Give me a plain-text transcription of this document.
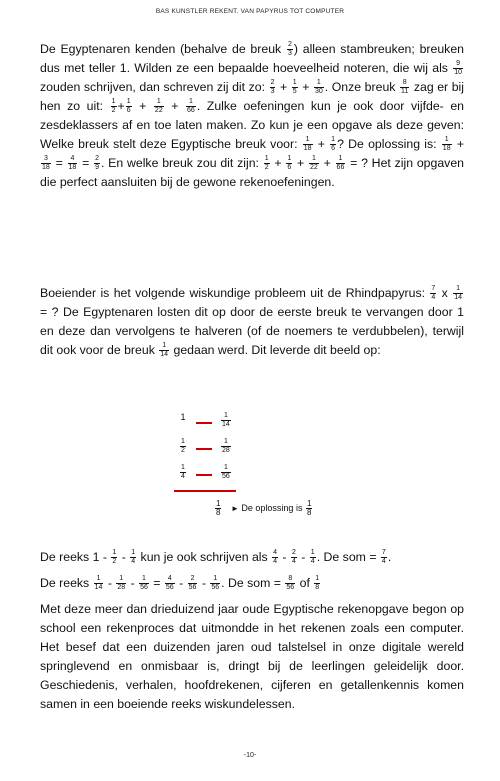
BAS KUNSTLER REKENT. VAN PAPYRUS TOT COMPUTER

De Egyptenaren kenden (behalve de breuk $\frac{2}{3}$ ) alleen stambreuken; breuken dus met teller 1. Wilden ze een bepaalde hoeveelheid noteren, die wij als $\frac{9}{10}$
zouden schrijven, dan schreven zij dit zo: $\frac{2}{3} + \frac{1}{5} + \frac{1}{30}$ . Onze breuk $\frac{8}{11}$ zag er bij hen zo uit: $\frac{1}{2} + \frac{1}{6} + \frac{1}{22} + \frac{1}{66}$ . Zulke oefeningen kun je ook door vijfde- en zesdeklassers af en toe laten maken. Zo kun je een opgave als deze geven: Welke breuk stelt deze Egyptische breuk voor: $\frac{1}{18} + \frac{1}{6}$ ? De oplossing is: $\frac{1}{18}$ +
$\frac{3}{18} = \frac{4}{18} = \frac{2}{9}$ . En welke breuk zou dit zijn: $\frac{1}{2} + \frac{1}{6} + \frac{1}{22} + \frac{1}{66}$ = ? Het zijn opgaven die perfect aansluiten bij de gewone rekenoefeningen.

Boeiender is het volgende wiskundige probleem uit de Rhindpapyrus: $\frac{7}{4}$ x $\frac{1}{14}$
= ? De Egyptenaren losten dit op door de eerste breuk te vervangen door 1 en deze dan vervolgens te halveren (of de noemers te verdubbelen), terwijl dit ook voor de breuk $\frac{1}{14}$ gedaan werd. Dit leverde dit beeld op:

1	$\frac{1}{14}$
$\frac{1}{2}$	$\frac{1}{28}$
$\frac{1}{4}$	$\frac{1}{56}$
$\frac{1}{8}$ ► De oplossing is $\frac{1}{8}$

De reeks $1 - \frac{1}{2} - \frac{1}{4}$ kun je ook schrijven als $\frac{4}{4} - \frac{2}{4} - \frac{1}{4}$ . De som = $\frac{7}{4}$ .

De reeks $\frac{1}{14} - \frac{1}{28} - \frac{1}{56} = \frac{4}{56} - \frac{2}{56} - \frac{1}{56}$ . De som = $\frac{8}{56}$ of $\frac{1}{8}$

Met deze meer dan drieduizend jaar oude Egyptische rekenopgave begon op school een rekenproces dat uitmondde in het rekenen zoals een computer. Het besef dat een duizenden jaren oud talstelsel in onze digitale wereld springlevend en onmisbaar is, dringt bij de leerlingen geleidelijk door. Geschiedenis, verhalen, hoofdrekenen, cijferen en getallenkennis komen samen in een boeiende reeks wiskundelessen.

-10-
